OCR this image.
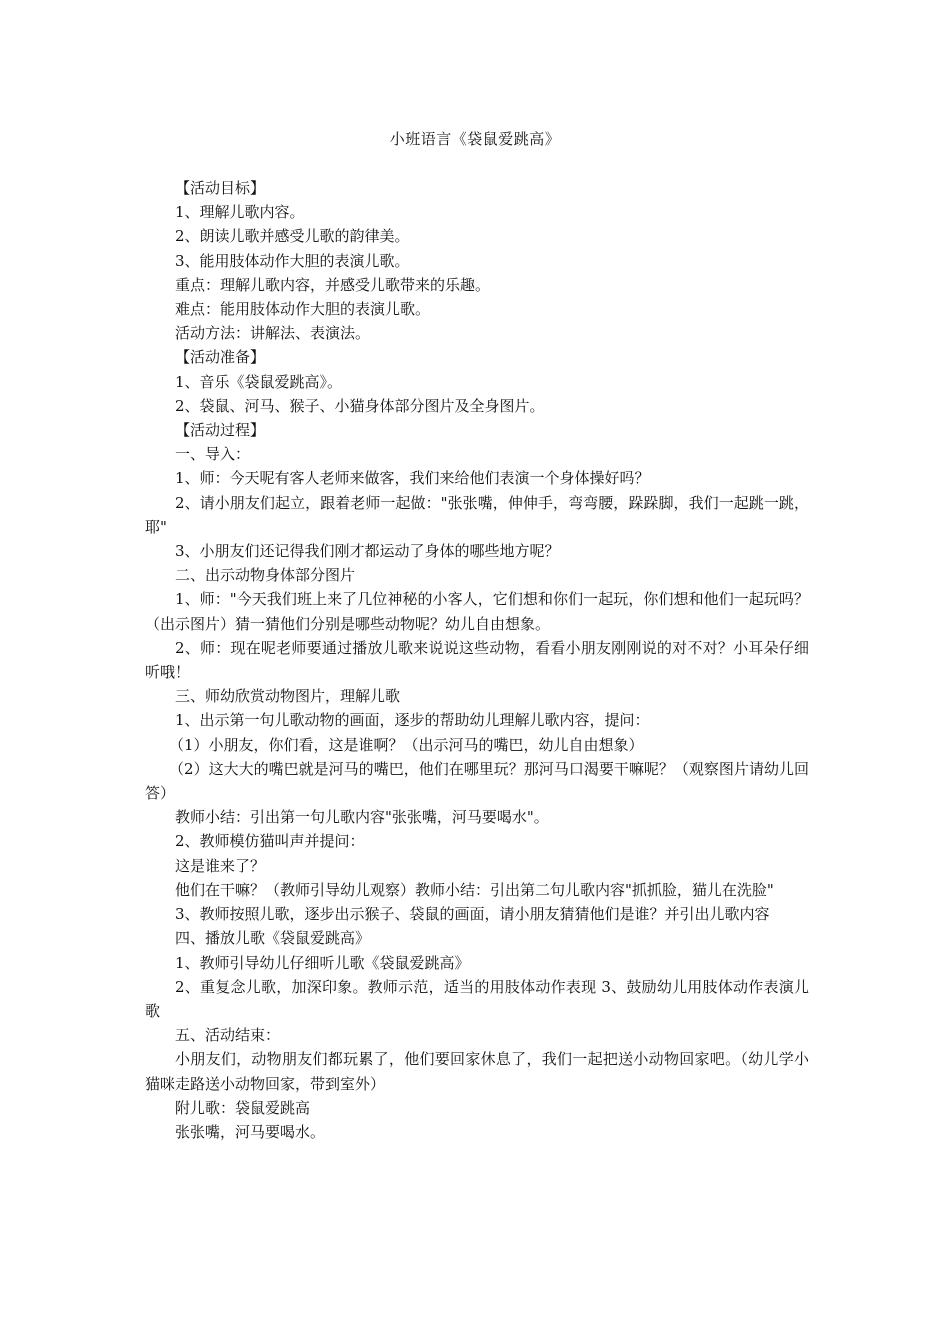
小班语言《袋鼠爱跳高》

【活动目标】

1、理解儿歌内容。

2、朗读儿歌并感受儿歌的韵律美。

3、能用肢体动作大胆的表演儿歌。

重点：理解儿歌内容，并感受儿歌带来的乐趣。

难点：能用肢体动作大胆的表演儿歌。

活动方法：讲解法、表演法。

【活动准备】

1、音乐《袋鼠爱跳高》。

2、袋鼠、河马、猴子、小猫身体部分图片及全身图片。

【活动过程】

一、导入：

1、师：今天呢有客人老师来做客，我们来给他们表演一个身体操好吗？

2、请小朋友们起立，跟着老师一起做："张张嘴，伸伸手，弯弯腰，跺跺脚，我们一起跳一跳，耶"

3、小朋友们还记得我们刚才都运动了身体的哪些地方呢？

二、出示动物身体部分图片

1、师："今天我们班上来了几位神秘的小客人，它们想和你们一起玩，你们想和他们一起玩吗？（出示图片）猜一猜他们分别是哪些动物呢？幼儿自由想象。

2、师：现在呢老师要通过播放儿歌来说说这些动物，看看小朋友刚刚说的对不对？小耳朵仔细听哦！

三、师幼欣赏动物图片，理解儿歌

1、出示第一句儿歌动物的画面，逐步的帮助幼儿理解儿歌内容，提问：

（1）小朋友，你们看，这是谁啊？（出示河马的嘴巴，幼儿自由想象）

（2）这大大的嘴巴就是河马的嘴巴，他们在哪里玩？那河马口渴要干嘛呢？（观察图片请幼儿回答）

教师小结：引出第一句儿歌内容"张张嘴，河马要喝水"。

2、教师模仿猫叫声并提问：

这是谁来了？

他们在干嘛？（教师引导幼儿观察）教师小结：引出第二句儿歌内容"抓抓脸，猫儿在洗脸"

3、教师按照儿歌，逐步出示猴子、袋鼠的画面，请小朋友猜猜他们是谁？并引出儿歌内容

四、播放儿歌《袋鼠爱跳高》

1、教师引导幼儿仔细听儿歌《袋鼠爱跳高》

2、重复念儿歌，加深印象。教师示范，适当的用肢体动作表现 3、鼓励幼儿用肢体动作表演儿歌

五、活动结束：

小朋友们，动物朋友们都玩累了，他们要回家休息了，我们一起把送小动物回家吧。（幼儿学小猫咪走路送小动物回家，带到室外）

附儿歌：袋鼠爱跳高

张张嘴，河马要喝水。
